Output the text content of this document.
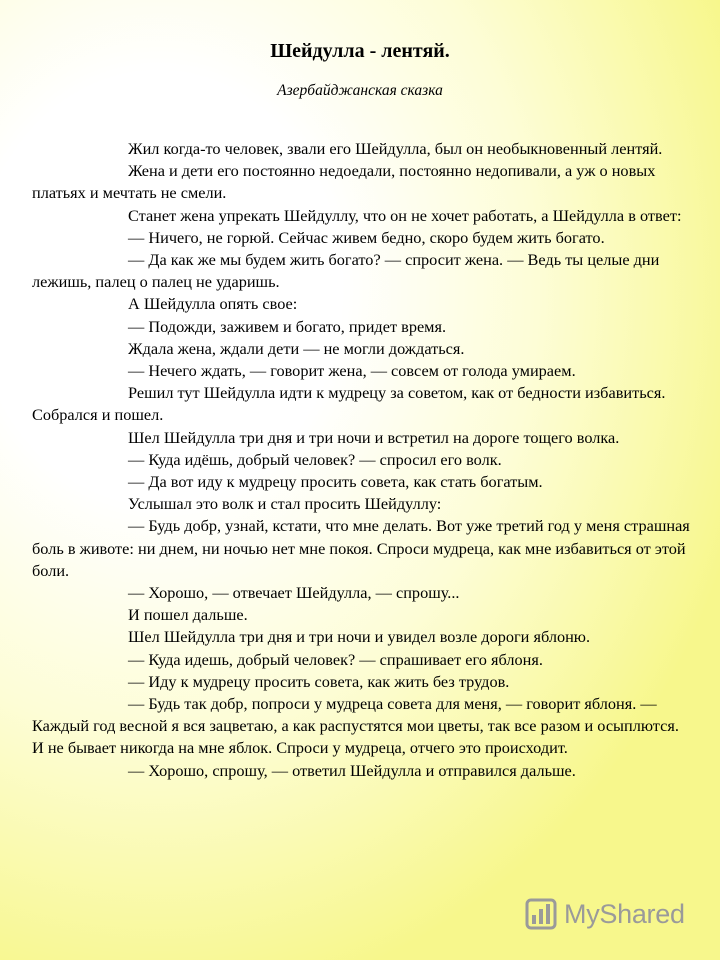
Шейдулла - лентяй.
Азербайджанская сказка

Жил когда-то человек, звали его Шейдулла, был он необыкновенный лентяй.

Жена и дети его постоянно недоедали, постоянно недопивали, а уж о новых платьях и мечтать не смели.

Станет жена упрекать Шейдуллу, что он не хочет работать, а Шейдулла в ответ:

— Ничего, не горюй. Сейчас живем бедно, скоро будем жить богато.

— Да как же мы будем жить богато? — спросит жена. — Ведь ты целые дни лежишь, палец о палец не ударишь.

А Шейдулла опять свое:

— Подожди, заживем и богато, придет время.

Ждала жена, ждали дети — не могли дождаться.

— Нечего ждать, — говорит жена, — совсем от голода умираем.

Решил тут Шейдулла идти к мудрецу за советом, как от бедности избавиться. Собрался и пошел.

Шел Шейдулла три дня и три ночи и встретил на дороге тощего волка.

— Куда идёшь, добрый человек? — спросил его волк.

— Да вот иду к мудрецу просить совета, как стать богатым.

Услышал это волк и стал просить Шейдуллу:

— Будь добр, узнай, кстати, что мне делать. Вот уже третий год у меня страшная боль в животе: ни днем, ни ночью нет мне покоя. Спроси мудреца, как мне избавиться от этой боли.

— Хорошо, — отвечает Шейдулла, — спрошу...

И пошел дальше.

Шел Шейдулла три дня и три ночи и увидел возле дороги яблоню.

— Куда идешь, добрый человек? — спрашивает его яблоня.

— Иду к мудрецу просить совета, как жить без трудов.

— Будь так добр, попроси у мудреца совета для меня, — говорит яблоня. — Каждый год весной я вся зацветаю, а как распустятся мои цветы, так все разом и осыплются. И не бывает никогда на мне яблок. Спроси у мудреца, отчего это происходит.

— Хорошо, спрошу, — ответил Шейдулла и отправился дальше.

MyShared
